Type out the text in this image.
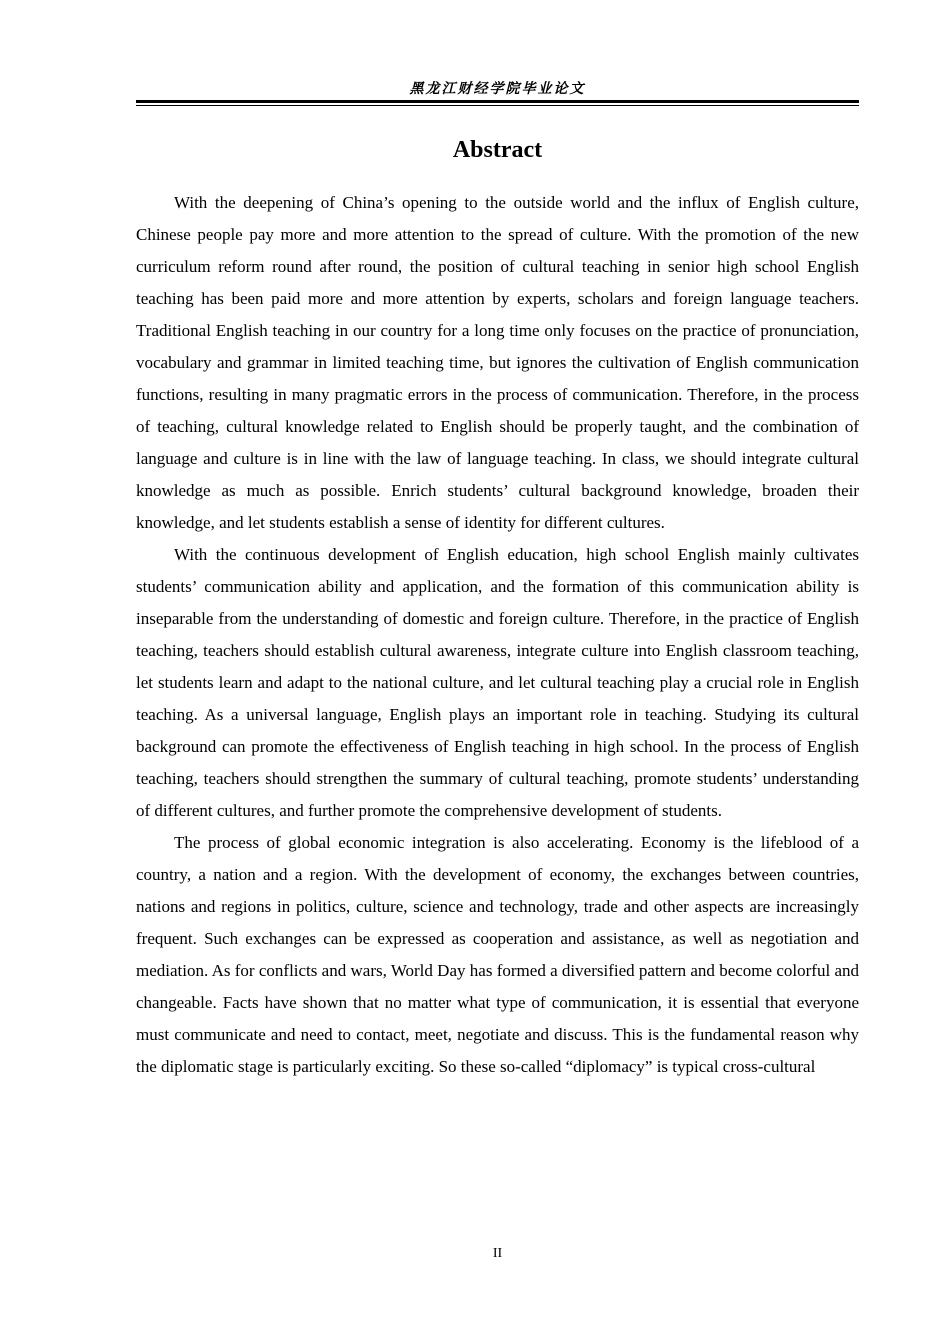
黑龙江财经学院毕业论文
Abstract

With the deepening of China’s opening to the outside world and the influx of English culture, Chinese people pay more and more attention to the spread of culture. With the promotion of the new curriculum reform round after round, the position of cultural teaching in senior high school English teaching has been paid more and more attention by experts, scholars and foreign language teachers. Traditional English teaching in our country for a long time only focuses on the practice of pronunciation, vocabulary and grammar in limited teaching time, but ignores the cultivation of English communication functions, resulting in many pragmatic errors in the process of communication. Therefore, in the process of teaching, cultural knowledge related to English should be properly taught, and the combination of language and culture is in line with the law of language teaching. In class, we should integrate cultural knowledge as much as possible. Enrich students’ cultural background knowledge, broaden their knowledge, and let students establish a sense of identity for different cultures.

With the continuous development of English education, high school English mainly cultivates students’ communication ability and application, and the formation of this communication ability is inseparable from the understanding of domestic and foreign culture. Therefore, in the practice of English teaching, teachers should establish cultural awareness, integrate culture into English classroom teaching, let students learn and adapt to the national culture, and let cultural teaching play a crucial role in English teaching. As a universal language, English plays an important role in teaching. Studying its cultural background can promote the effectiveness of English teaching in high school. In the process of English teaching, teachers should strengthen the summary of cultural teaching, promote students’ understanding of different cultures, and further promote the comprehensive development of students.

The process of global economic integration is also accelerating. Economy is the lifeblood of a country, a nation and a region. With the development of economy, the exchanges between countries, nations and regions in politics, culture, science and technology, trade and other aspects are increasingly frequent. Such exchanges can be expressed as cooperation and assistance, as well as negotiation and mediation. As for conflicts and wars, World Day has formed a diversified pattern and become colorful and changeable. Facts have shown that no matter what type of communication, it is essential that everyone must communicate and need to contact, meet, negotiate and discuss. This is the fundamental reason why the diplomatic stage is particularly exciting. So these so-called “diplomacy” is typical cross-cultural

II
